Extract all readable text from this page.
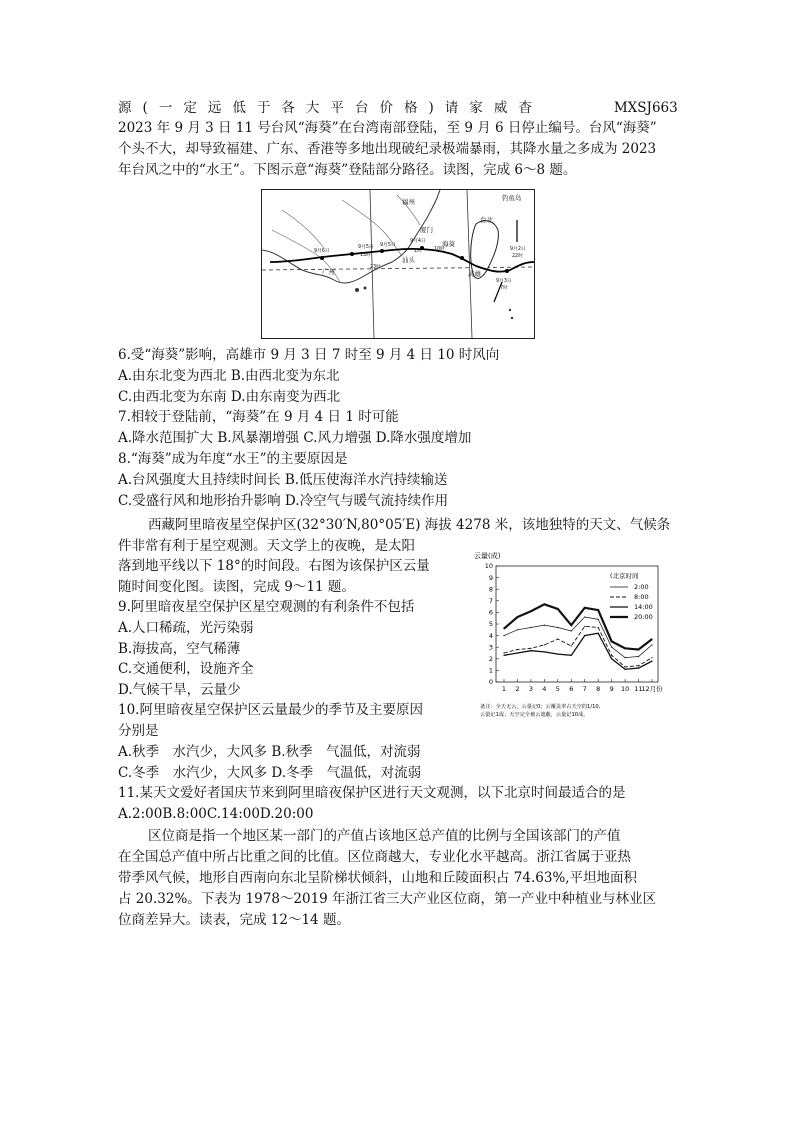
源 ( 一 定 远 低 于 各 大 平 台 价 格 ) 请 家 威 杳	MXSJ663
2023 年 9 月 3 日 11 号台风“海葵”在台湾南部登陆，至 9 月 6 日停止编号。台风“海葵”
个头不大，却导致福建、广东、香港等多地出现破纪录极端暴雨，其降水量之多成为 2023
年台风之中的“水王”。下图示意“海葵”登陆部分路径。读图，完成 6～8 题。
福州	钓鱼岛
台北
厦门
广州
汕头
海葵
高雄
9月6日
9月5日 9月5日
9月4日
10时
9月3日
7时
9月2日
22时
23时
13时
1时
6.受“海葵”影响，高雄市 9 月 3 日 7 时至 9 月 4 日 10 时风向
A.由东北变为西北 B.由西北变为东北
C.由西北变为东南 D.由东南变为西北
7.相较于登陆前，“海葵”在 9 月 4 日 1 时可能
A.降水范围扩大 B.风暴潮增强 C.风力增强 D.降水强度增加
8.“海葵”成为年度“水王”的主要原因是
A.台风强度大且持续时间长 B.低压使海洋水汽持续输送
C.受盛行风和地形抬升影响 D.冷空气与暖气流持续作用
西藏阿里暗夜星空保护区(32°30′N,80°05′E) 海拔 4278 米，该地独特的天文、气候条
件非常有利于星空观测。天文学上的夜晚，是太阳
落到地平线以下 18°的时间段。右图为该保护区云量
随时间变化图。读图，完成 9～11 题。
9.阿里暗夜星空保护区星空观测的有利条件不包括
A.人口稀疏，光污染弱
B.海拔高，空气稀薄
C.交通便利，设施齐全
D.气候干旱，云量少
10.阿里暗夜星空保护区云量最少的季节及主要原因
分别是
A.秋季　水汽少，大风多 B.秋季　气温低，对流弱
C.冬季　水汽少，大风多 D.冬季　气温低，对流弱
云量(成)
0
1
2
3
4
5
6
7
8
9
10
1 2 3 4 5 6 7 8 9 10 11
12月份
(北京时间
2:00
8:00
14:00
20:00
备注：全天无云，云量记0；云覆盖率占天空的1/10,
云量记1成；天空完全被云遮蔽，云量记10成。
11.某天文爱好者国庆节来到阿里暗夜保护区进行天文观测，以下北京时间最适合的是
A.2:00B.8:00C.14:00D.20:00
区位商是指一个地区某一部门的产值占该地区总产值的比例与全国该部门的产值
在全国总产值中所占比重之间的比值。区位商越大，专业化水平越高。浙江省属于亚热
带季风气候，地形自西南向东北呈阶梯状倾斜，山地和丘陵面积占 74.63%,平坦地面积
占 20.32%。下表为 1978～2019 年浙江省三大产业区位商，第一产业中种植业与林业区
位商差异大。读表，完成 12～14 题。
